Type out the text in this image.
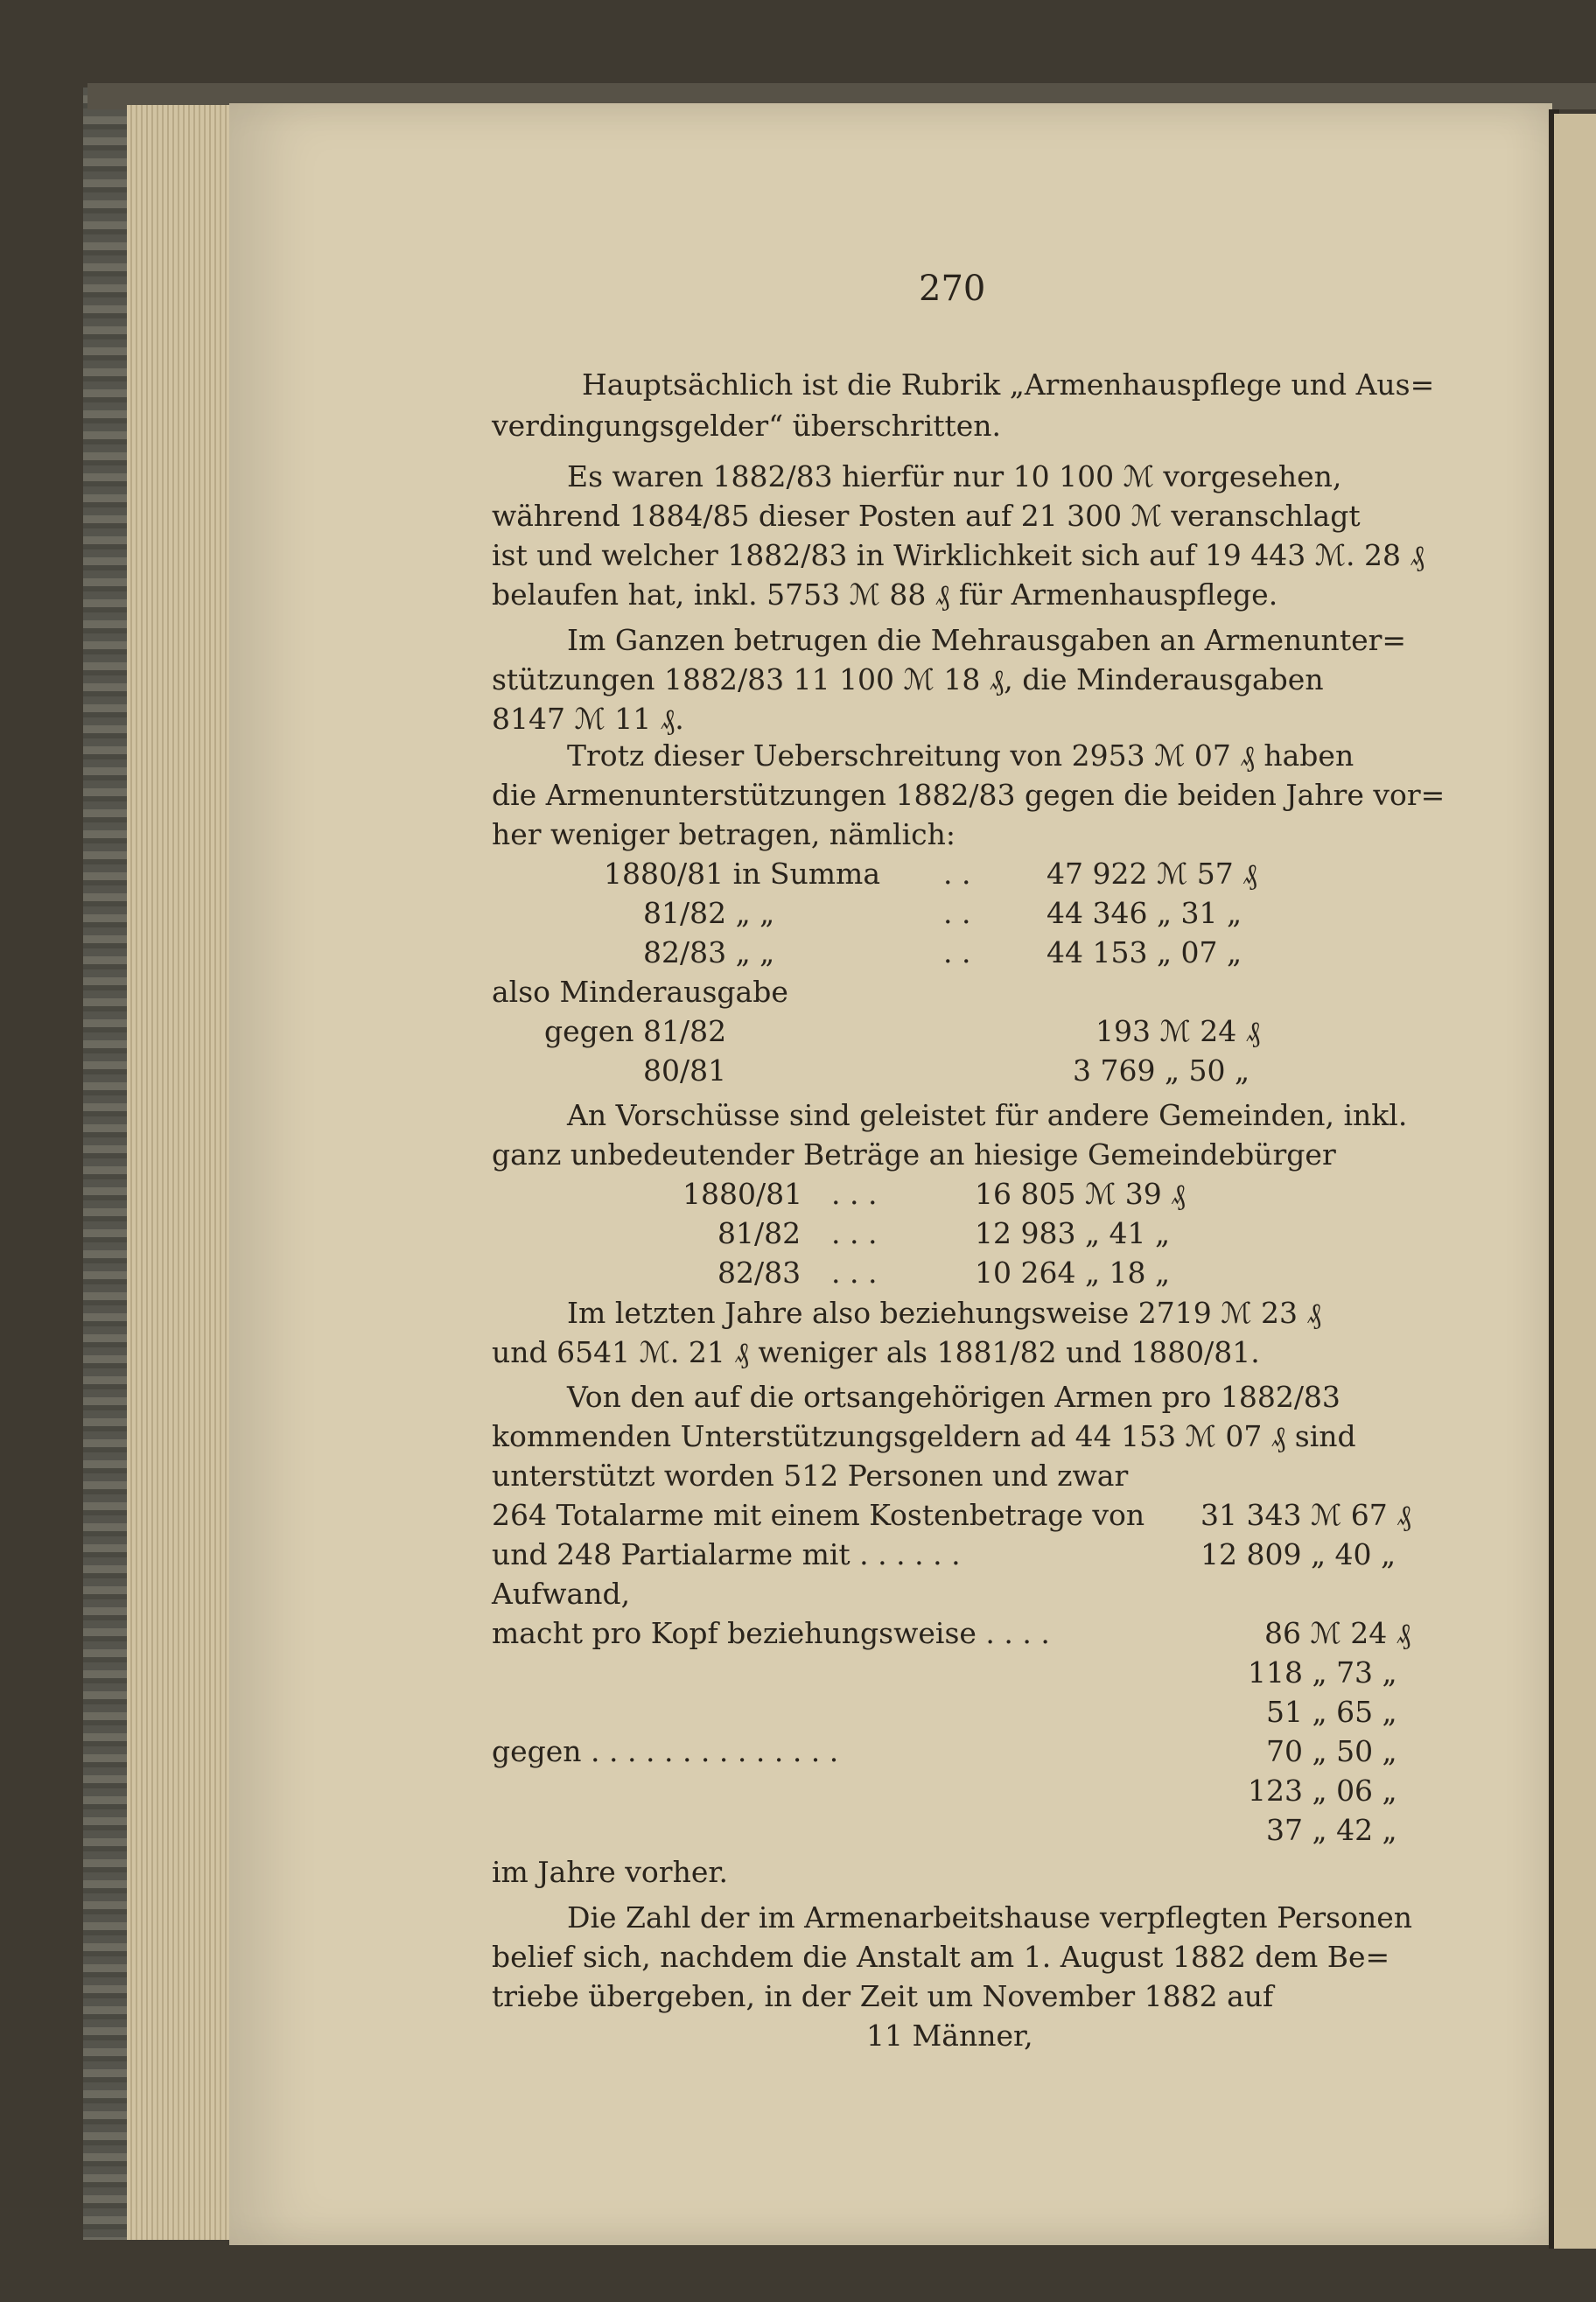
270
Hauptsächlich ist die Rubrik „Armenhauspflege und Aus=
verdingungsgelder“ überschritten.
Es waren 1882/83 hierfür nur 10 100 ℳ vorgesehen,
während 1884/85 dieser Posten auf 21 300 ℳ veranschlagt
ist und welcher 1882/83 in Wirklichkeit sich auf 19 443 ℳ. 28 ₰
belaufen hat, inkl. 5753 ℳ 88 ₰ für Armenhauspflege.
Im Ganzen betrugen die Mehrausgaben an Armenunter=
stützungen 1882/83 11 100 ℳ 18 ₰, die Minderausgaben
8147 ℳ 11 ₰.
Trotz dieser Ueberschreitung von 2953 ℳ 07 ₰ haben
die Armenunterstützungen 1882/83 gegen die beiden Jahre vor=
her weniger betragen, nämlich:
1880/81 in Summa . .	47 922 ℳ 57 ₰
81/82 „ „	. .	44 346 „ 31 „
82/83 „ „	. .	44 153 „ 07 „
also Minderausgabe
gegen 81/82	193 ℳ 24 ₰
80/81	3 769 „ 50 „
An Vorschüsse sind geleistet für andere Gemeinden, inkl.
ganz unbedeutender Beträge an hiesige Gemeindebürger
1880/81 . . .	16 805 ℳ 39 ₰
81/82 . . .	12 983 „ 41 „
82/83 . . .	10 264 „ 18 „
Im letzten Jahre also beziehungsweise 2719 ℳ 23 ₰
und 6541 ℳ. 21 ₰ weniger als 1881/82 und 1880/81.
Von den auf die ortsangehörigen Armen pro 1882/83
kommenden Unterstützungsgeldern ad 44 153 ℳ 07 ₰ sind
unterstützt worden 512 Personen und zwar
264 Totalarme mit einem Kostenbetrage von 31 343 ℳ 67 ₰
und 248 Partialarme mit . . . . . .	12 809 „ 40 „
Aufwand,
macht pro Kopf beziehungsweise . . . .	86 ℳ 24 ₰
118 „ 73 „
51 „ 65 „
gegen . . . . . . . . . . . . . .	70 „ 50 „
123 „ 06 „
37 „ 42 „
im Jahre vorher.
Die Zahl der im Armenarbeitshause verpflegten Personen
belief sich, nachdem die Anstalt am 1. August 1882 dem Be=
triebe übergeben, in der Zeit um November 1882 auf
11 Männer,
